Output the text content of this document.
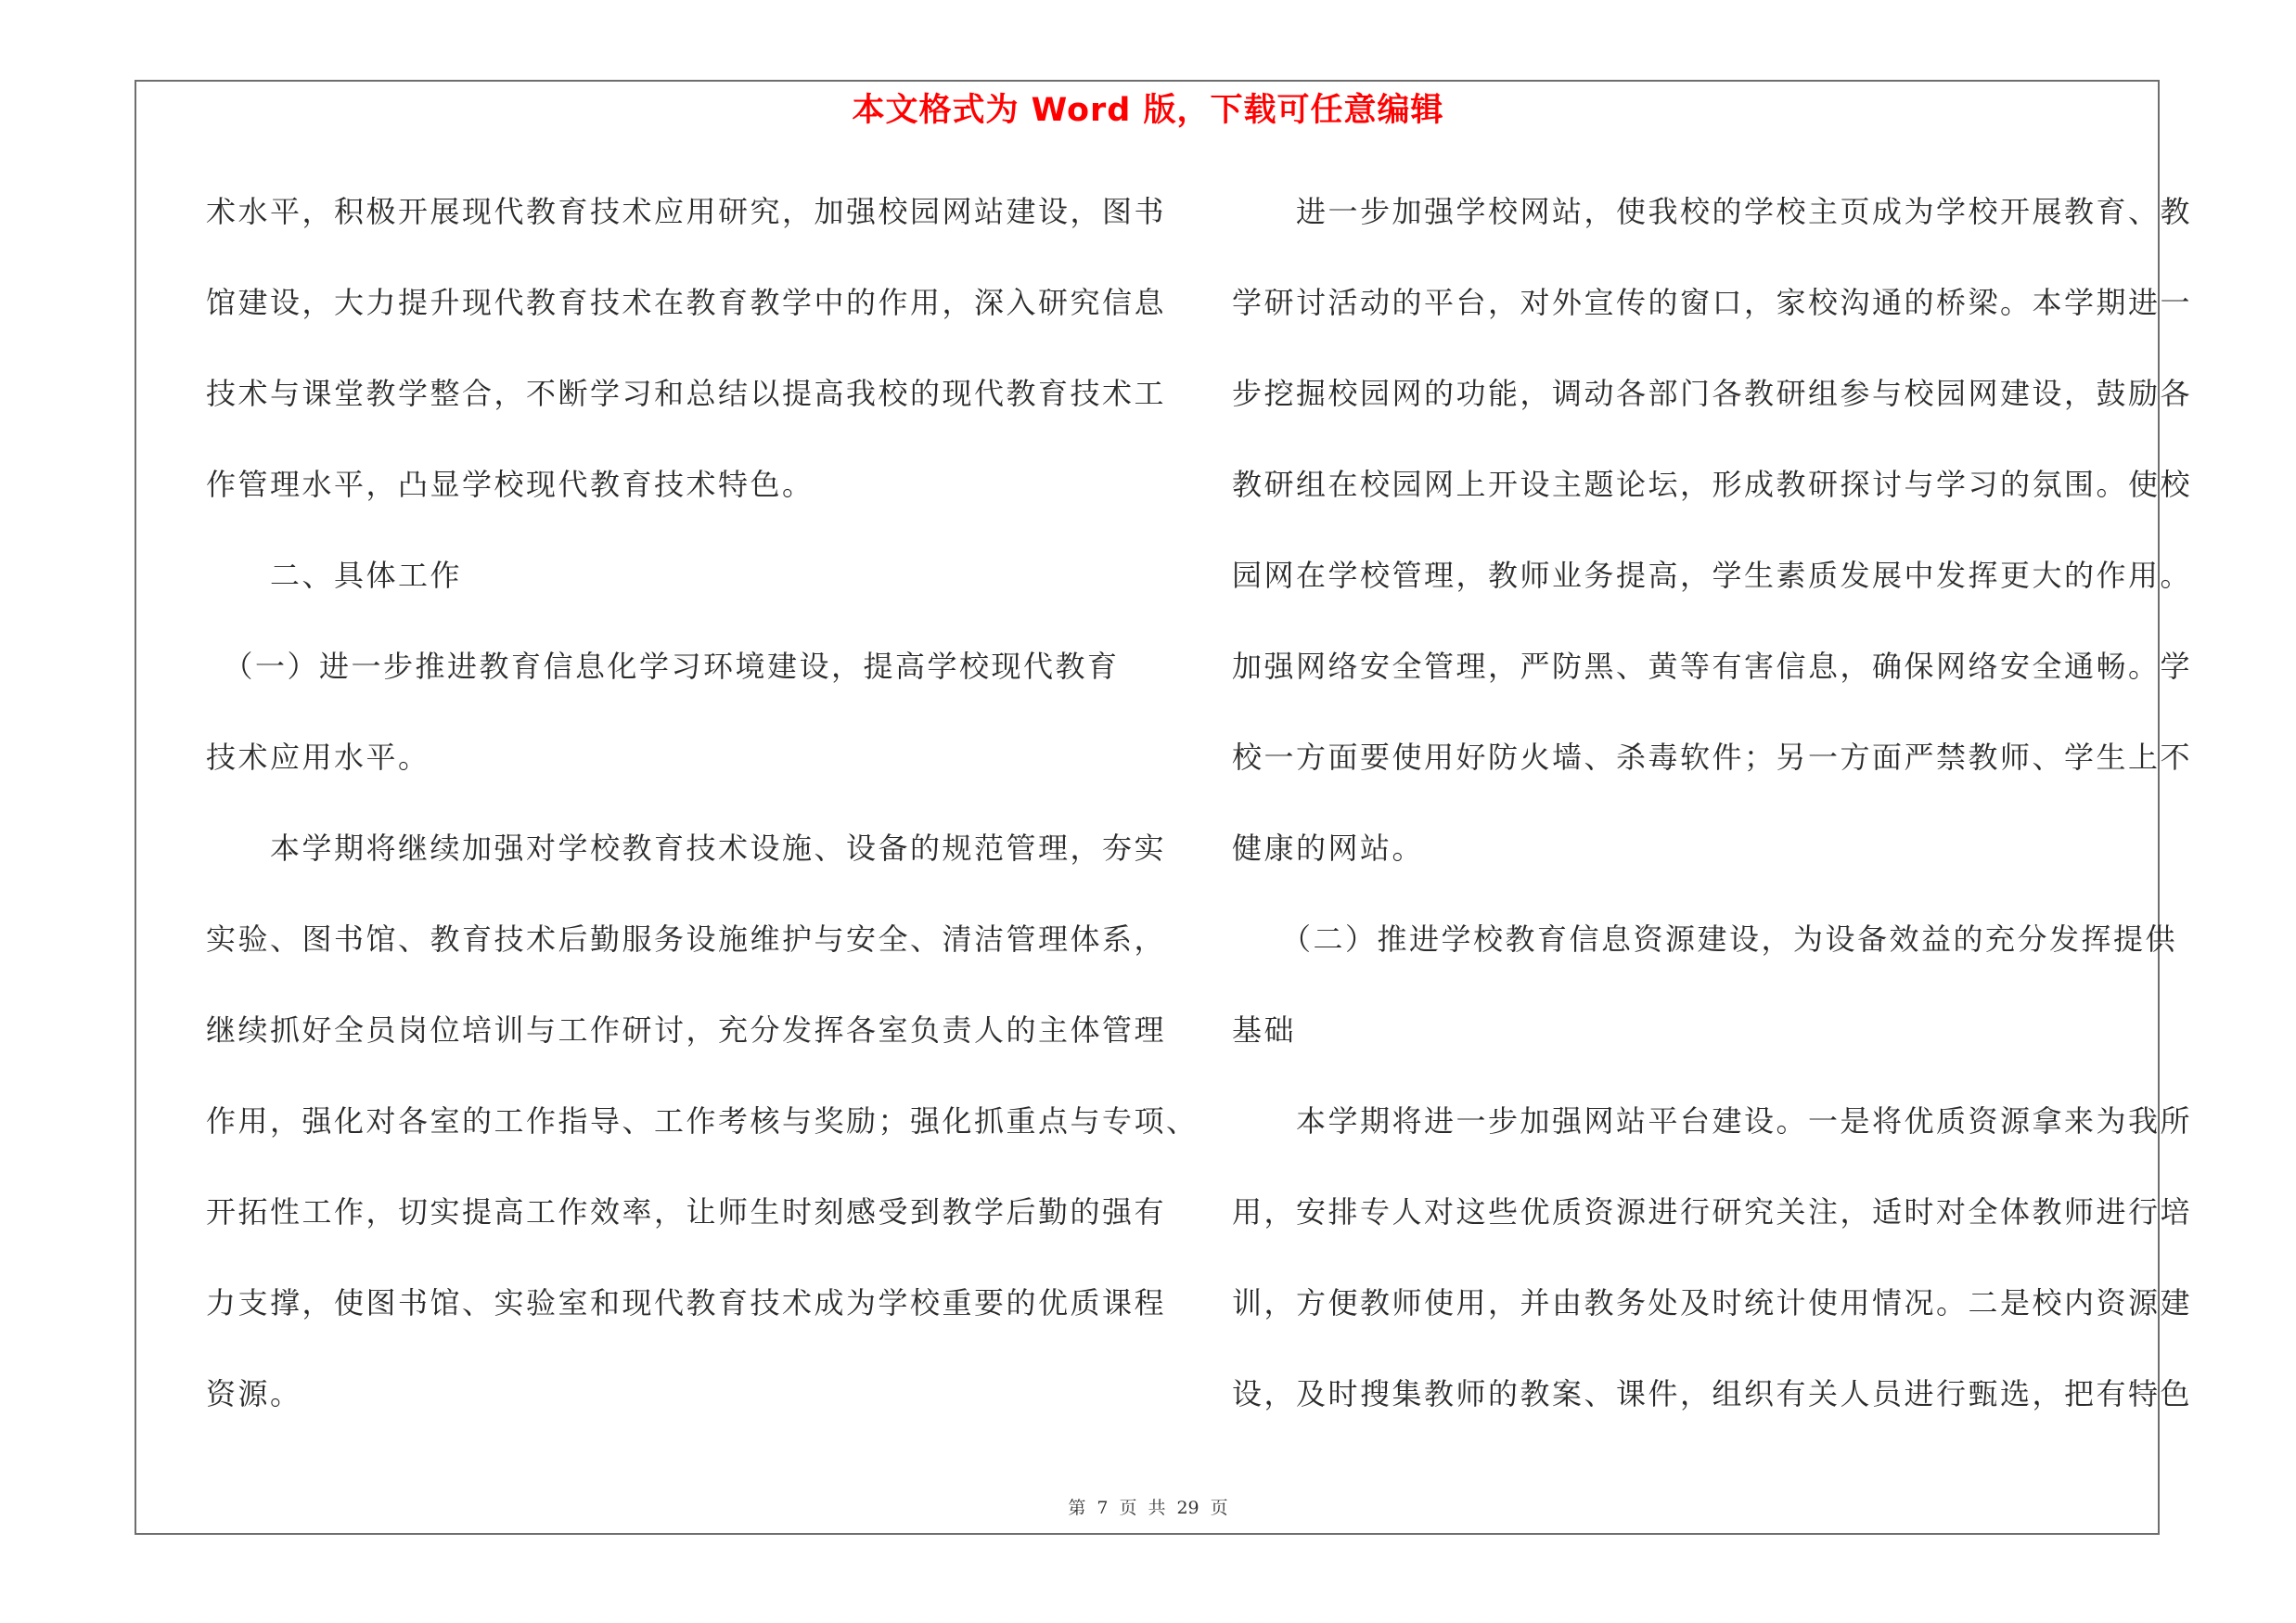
本文格式为 Word 版，下载可任意编辑
术水平，积极开展现代教育技术应用研究，加强校园网站建设，图书
馆建设，大力提升现代教育技术在教育教学中的作用，深入研究信息
技术与课堂教学整合，不断学习和总结以提高我校的现代教育技术工
作管理水平，凸显学校现代教育技术特色。
　　二、具体工作
　（一）进一步推进教育信息化学习环境建设，提高学校现代教育
技术应用水平。
　　本学期将继续加强对学校教育技术设施、设备的规范管理，夯实
实验、图书馆、教育技术后勤服务设施维护与安全、清洁管理体系，
继续抓好全员岗位培训与工作研讨，充分发挥各室负责人的主体管理
作用，强化对各室的工作指导、工作考核与奖励；强化抓重点与专项、
开拓性工作，切实提高工作效率，让师生时刻感受到教学后勤的强有
力支撑，使图书馆、实验室和现代教育技术成为学校重要的优质课程
资源。
　　进一步加强学校网站，使我校的学校主页成为学校开展教育、教
学研讨活动的平台，对外宣传的窗口，家校沟通的桥梁。本学期进一
步挖掘校园网的功能，调动各部门各教研组参与校园网建设，鼓励各
教研组在校园网上开设主题论坛，形成教研探讨与学习的氛围。使校
园网在学校管理，教师业务提高，学生素质发展中发挥更大的作用。
加强网络安全管理，严防黑、黄等有害信息，确保网络安全通畅。学
校一方面要使用好防火墙、杀毒软件；另一方面严禁教师、学生上不
健康的网站。
　　（二）推进学校教育信息资源建设，为设备效益的充分发挥提供
基础
　　本学期将进一步加强网站平台建设。一是将优质资源拿来为我所
用，安排专人对这些优质资源进行研究关注，适时对全体教师进行培
训，方便教师使用，并由教务处及时统计使用情况。二是校内资源建
设，及时搜集教师的教案、课件，组织有关人员进行甄选，把有特色
第 7 页 共 29 页
